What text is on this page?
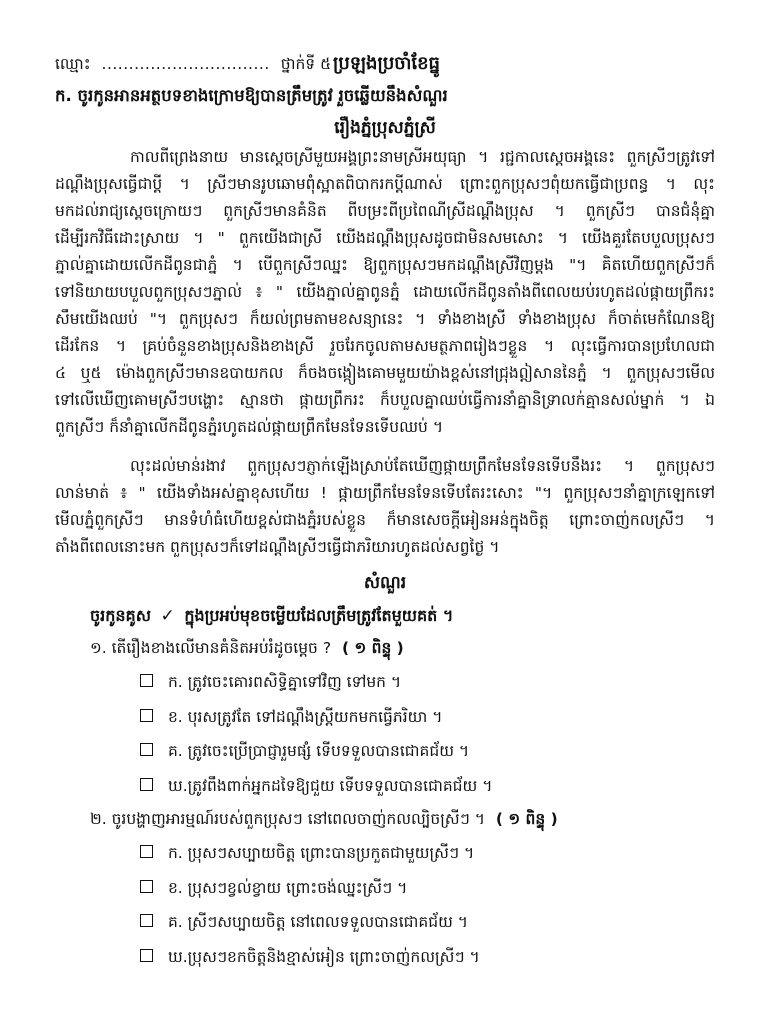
ឈ្មោះ ............................... ថ្នាក់ទី ៥ ប្រឡងប្រចាំខែធ្នូ
ក. ចូរកូនអានអត្ថបទខាងក្រោមឱ្យបានត្រឹមត្រូវ រួចឆ្លើយនឹងសំណួរ
រឿងភ្នំប្រុសភ្នំស្រី
កាលពីព្រេងនាយ មានស្ដេចស្រីមួយអង្គព្រះនាមស្រីអយុធ្យា ។ រជ្ជកាលស្ដេចអង្គនេះ ពួកស្រីៗត្រូវទៅ
ដណ្ដឹងប្រុសធ្វើជាប្ដី ។ ស្រីៗមានរូបឆោមពុំស្អាតពិបាករកប្ដីណាស់ ព្រោះពួកប្រុសៗពុំយកធ្វើជាប្រពន្ធ ។ លុះ
មកដល់រាជ្យស្ដេចក្រោយៗ ពួកស្រីៗមានគំនិត ពីបម្រះពីប្រពៃណីស្រីដណ្ដឹងប្រុស ។ ពួកស្រីៗ បានជំនុំគ្នា
ដើម្បីរកវិធីដោះស្រាយ ។ " ពួកយើងជាស្រី យើងដណ្ដឹងប្រុសដូចជាមិនសមសោះ ។ យើងគួរតែបបួលប្រុសៗ
ភ្នាល់គ្នាដោយលើកដីពូនជាភ្នំ ។ បើពួកស្រីៗឈ្នះ ឱ្យពួកប្រុសៗមកដណ្ដឹងស្រីវិញម្ដង "។ គិតហើយពួកស្រីៗក៏
ទៅនិយាយបបួលពួកប្រុសៗភ្នាល់ ៖ " យើងភ្នាល់គ្នាពូនភ្នំ ដោយលើកដីពូនតាំងពីពេលយប់រហូតដល់ផ្កាយព្រឹករះ
សឹមយើងឈប់ "។ ពួកប្រុសៗ ក៏យល់ព្រមតាមខសន្យានេះ ។ ទាំងខាងស្រី ទាំងខាងប្រុស ក៏ចាត់មេកំណែនឱ្យ
ដើរកែន ។ គ្រប់ចំនួនខាងប្រុសនិងខាងស្រី រួចរែកចូលតាមសមត្ថភាពរៀងៗខ្លួន ។ លុះធ្វើការបានប្រហែលជា
៤ ឬ៥ ម៉ោងពួកស្រីៗមានឧបាយកល ក៏ចងចង្កៀងគោមមួយយ៉ាងខ្ពស់នៅជ្រុងឦសាននៃភ្នំ ។ ពួកប្រុសៗមើល
ទៅលើឃើញគោមស្រីៗបង្ហោះ ស្មានថា ផ្កាយព្រឹករះ ក៏បបួលគ្នាឈប់ធ្វើការនាំគ្នានិទ្រាលក់គ្មានសល់ម្នាក់ ។ ឯ
ពួកស្រីៗ ក៏នាំគ្នាលើកដីពូនភ្នំរហូតដល់ផ្កាយព្រឹកមែនទែនទើបឈប់ ។
លុះដល់មាន់រងាវ ពួកប្រុសៗភ្ញាក់ឡើងស្រាប់តែឃើញផ្កាយព្រឹកមែនទែនទើបនឹងរះ ។ ពួកប្រុសៗ
លាន់មាត់ ៖ " យើងទាំងអស់គ្នាខុសហើយ ! ផ្កាយព្រឹកមែនទែនទើបតែរះសោះ "។ ពួកប្រុសៗនាំគ្នាក្រឡេកទៅ
មើលភ្នំពួកស្រីៗ មានទំហំធំហើយខ្ពស់ជាងភ្នំរបស់ខ្លួន ក៏មានសេចក្ដីអៀនអន់ក្នុងចិត្ត ព្រោះចាញ់កលស្រីៗ ។
តាំងពីពេលនោះមក ពួកប្រុសៗក៏ទៅដណ្ដឹងស្រីៗធ្វើជាភរិយារហូតដល់សព្វថ្ងៃ ។
សំណួរ
ចូរកូនគូស ✓ ក្នុងប្រអប់មុខចម្លើយដែលត្រឹមត្រូវតែមួយគត់ ។
១. តើរឿងខាងលើមានគំនិតអប់រំដូចម្ដេច ? ( ១ ពិន្ទុ )
ក. ត្រូវចេះគោរពសិទ្ធិគ្នាទៅវិញ ទៅមក ។
ខ. បុរសត្រូវតែ ទៅដណ្ដឹងស្ត្រីយកមកធ្វើភរិយា ។
គ. ត្រូវចេះប្រើប្រាជ្ញារួមផ្សំ ទើបទទួលបានជោគជ័យ ។
ឃ.ត្រូវពឹងពាក់អ្នកដទៃឱ្យជួយ ទើបទទួលបានជោគជ័យ ។
២. ចូរបង្ហាញអារម្មណ៍របស់ពួកប្រុសៗ នៅពេលចាញ់កលល្បិចស្រីៗ ។ ( ១ ពិន្ទុ )
ក. ប្រុសៗសប្បាយចិត្ត ព្រោះបានប្រកួតជាមួយស្រីៗ ។
ខ. ប្រុសៗខ្វល់ខ្វាយ ព្រោះចង់ឈ្នះស្រីៗ ។
គ. ស្រីៗសប្បាយចិត្ត នៅពេលទទួលបានជោគជ័យ ។
ឃ.ប្រុសៗខកចិត្តនិងខ្មាស់អៀន ព្រោះចាញ់កលស្រីៗ ។
